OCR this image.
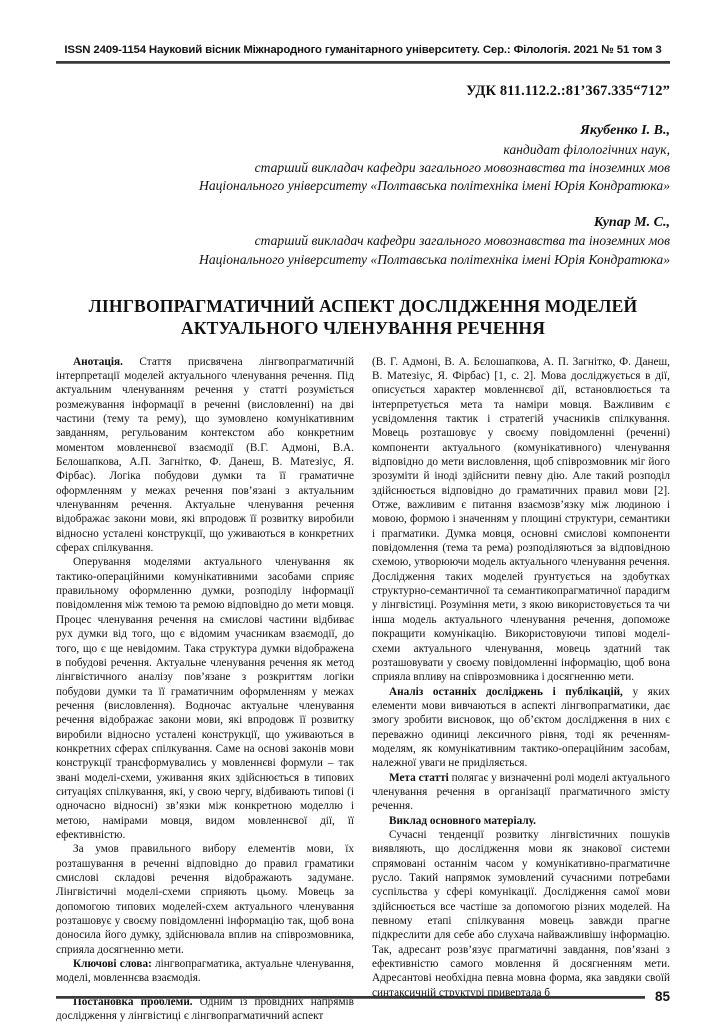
ISSN 2409-1154 Науковий вісник Міжнародного гуманітарного університету. Сер.: Філологія. 2021 № 51 том 3
УДК 811.112.2.:81’367.335“712”
Якубенко І. В.,
кандидат філологічних наук,
старший викладач кафедри загального мовознавства та іноземних мов
Національного університету «Полтавська політехніка імені Юрія Кондратюка»
Купар М. С.,
старший викладач кафедри загального мовознавства та іноземних мов
Національного університету «Полтавська політехніка імені Юрія Кондратюка»
ЛІНГВОПРАГМАТИЧНИЙ АСПЕКТ ДОСЛІДЖЕННЯ МОДЕЛЕЙ
АКТУАЛЬНОГО ЧЛЕНУВАННЯ РЕЧЕННЯ

Анотація. Стаття присвячена лінгвопрагматичній інтерпретації моделей актуального членування речення. Під актуальним членуванням речення у статті розуміється розмежування інформації в реченні (висловленні) на дві частини (тему та рему), що зумовлено комунікативним завданням, регульованим контекстом або конкретним моментом мовленнєвої взаємодії (В.Г. Адмоні, В.А. Бєлошапкова, А.П. Загнітко, Ф. Данеш, В. Матезіус, Я. Фірбас). Логіка побудови думки та її граматичне оформленням у межах речення пов’язані з актуальним членуванням речення. Актуальне членування речення відображає закони мови, які впродовж її розвитку виробили відносно усталені конструкції, що уживаються в конкретних сферах спілкування.

Оперування моделями актуального членування як тактико-операційними комунікативними засобами сприяє правильному оформленню думки, розподілу інформації повідомлення між темою та ремою відповідно до мети мовця. Процес членування речення на смислові частини відбиває рух думки від того, що є відомим учасникам взаємодії, до того, що є ще невідомим. Така структура думки відображена в побудові речення. Актуальне членування речення як метод лінгвістичного аналізу пов’язане з розкриттям логіки побудови думки та її граматичним оформленням у межах речення (висловлення). Водночас актуальне членування речення відображає закони мови, які впродовж її розвитку виробили відносно усталені конструкції, що уживаються в конкретних сферах спілкування. Саме на основі законів мови конструкції трансформувались у мовленнєві формули – так звані моделі-схеми, уживання яких здійснюється в типових ситуаціях спілкування, які, у свою чергу, відбивають типові (і одночасно відносні) зв’язки між конкретною моделлю і метою, намірами мовця, видом мовленнєвої дії, її ефективністю.

За умов правильного вибору елементів мови, їх розташування в реченні відповідно до правил граматики смислові складові речення відображають задумане. Лінгвістичні моделі-схеми сприяють цьому. Мовець за допомогою типових моделей-схем актуального членування розташовує у своєму повідомленні інформацію так, щоб вона доносила його думку, здійснювала вплив на співрозмовника, сприяла досягненню мети.

Ключові слова: лінгвопрагматика, актуальне членування, моделі, мовленнєва взаємодія.

Постановка проблеми. Одним із провідних напрямів дослідження у лінгвістиці є лінгвопрагматичний аспект

(В. Г. Адмоні, В. А. Бєлошапкова, А. П. Загнітко, Ф. Данеш, В. Матезіус, Я. Фірбас) [1, с. 2]. Мова досліджується в дії, описується характер мовленнєвої дії, встановлюється та інтерпретується мета та наміри мовця. Важливим є усвідомлення тактик і стратегій учасників спілкування. Мовець розташовує у своєму повідомленні (реченні) компоненти актуального (комунікативного) членування відповідно до мети висловлення, щоб співрозмовник міг його зрозуміти й іноді здійснити певну дію. Але такий розподіл здійснюється відповідно до граматичних правил мови [2]. Отже, важливим є питання взаємозв’язку між людиною і мовою, формою і значенням у площині структури, семантики і прагматики. Думка мовця, основні смислові компоненти повідомлення (тема та рема) розподіляються за відповідною схемою, утворюючи модель актуального членування речення. Дослідження таких моделей ґрунтується на здобутках структурно-семантичної та семантикопрагматичної парадигм у лінгвістиці. Розуміння мети, з якою використовується та чи інша модель актуального членування речення, допоможе покращити комунікацію. Використовуючи типові моделі-схеми актуального членування, мовець здатний так розташовувати у своєму повідомленні інформацію, щоб вона сприяла впливу на співрозмовника і досягненню мети.

Аналіз останніх досліджень і публікацій, у яких елементи мови вивчаються в аспекті лінгвопрагматики, дає змогу зробити висновок, що об’єктом дослідження в них є переважно одиниці лексичного рівня, тоді як реченням-моделям, як комунікативним тактико-операційним засобам, належної уваги не приділяється.

Мета статті полягає у визначенні ролі моделі актуального членування речення в організації прагматичного змісту речення.

Виклад основного матеріалу.

Сучасні тенденції розвитку лінгвістичних пошуків виявляють, що дослідження мови як знакової системи спрямовані останнім часом у комунікативно-прагматичне русло. Такий напрямок зумовлений сучасними потребами суспільства у сфері комунікації. Дослідження самої мови здійснюється все частіше за допомогою різних моделей. На певному етапі спілкування мовець завжди прагне підкреслити для себе або слухача найважливішу інформацію. Так, адресант розв’язує прагматичні завдання, пов’язані з ефективністю самого мовлення й досягненням мети. Адресантові необхідна певна мовна форма, яка завдяки своїй синтаксичній структурі привертала б	85
